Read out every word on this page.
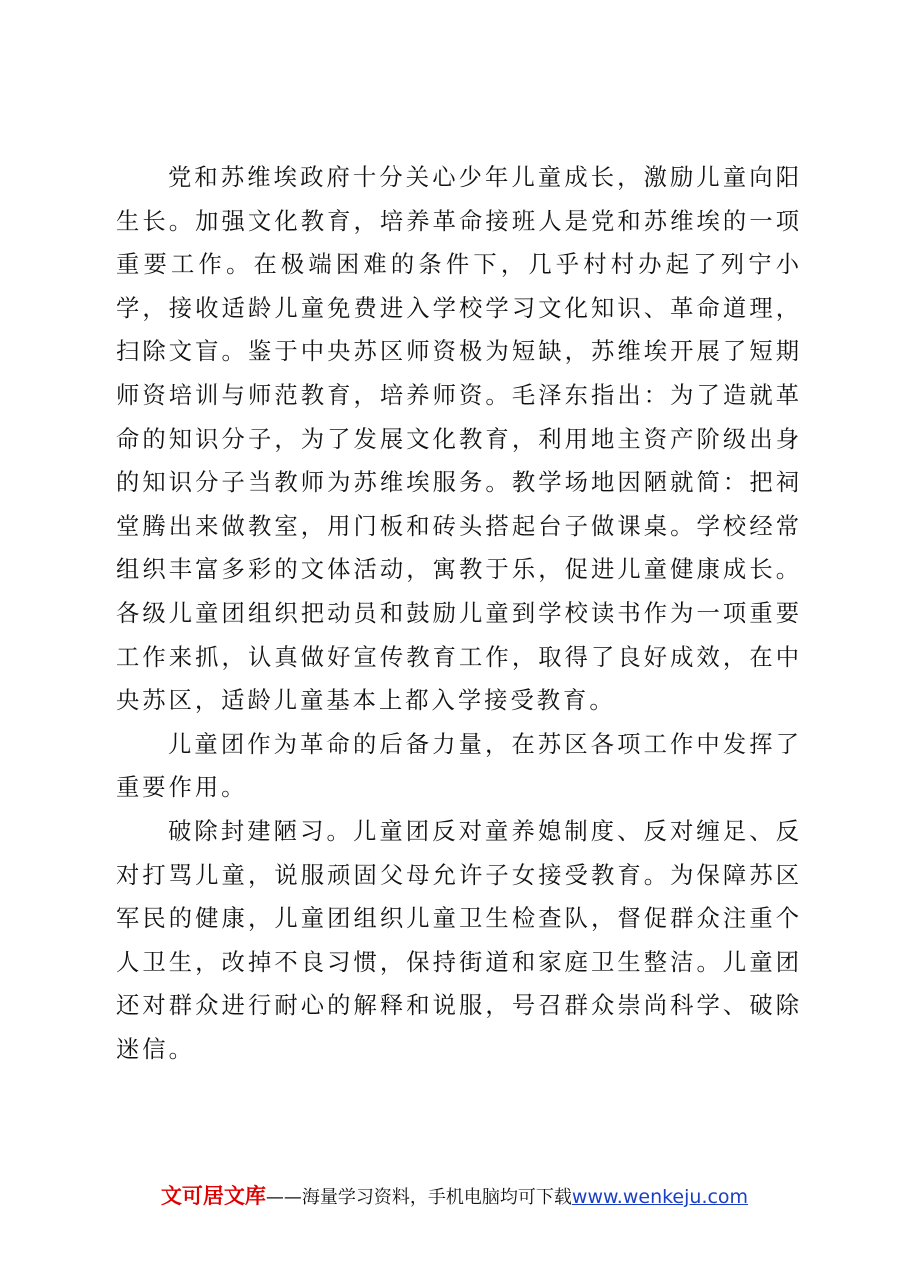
党和苏维埃政府十分关心少年儿童成长，激励儿童向阳生长。加强文化教育，培养革命接班人是党和苏维埃的一项重要工作。在极端困难的条件下，几乎村村办起了列宁小学，接收适龄儿童免费进入学校学习文化知识、革命道理，扫除文盲。鉴于中央苏区师资极为短缺，苏维埃开展了短期师资培训与师范教育，培养师资。毛泽东指出：为了造就革命的知识分子，为了发展文化教育，利用地主资产阶级出身的知识分子当教师为苏维埃服务。教学场地因陋就简：把祠堂腾出来做教室，用门板和砖头搭起台子做课桌。学校经常组织丰富多彩的文体活动，寓教于乐，促进儿童健康成长。各级儿童团组织把动员和鼓励儿童到学校读书作为一项重要工作来抓，认真做好宣传教育工作，取得了良好成效，在中央苏区，适龄儿童基本上都入学接受教育。

儿童团作为革命的后备力量，在苏区各项工作中发挥了重要作用。

破除封建陋习。儿童团反对童养媳制度、反对缠足、反对打骂儿童，说服顽固父母允许子女接受教育。为保障苏区军民的健康，儿童团组织儿童卫生检查队，督促群众注重个人卫生，改掉不良习惯，保持街道和家庭卫生整洁。儿童团还对群众进行耐心的解释和说服，号召群众崇尚科学、破除迷信。

文可居文库——海量学习资料，手机电脑均可下载www.wenkeju.com
